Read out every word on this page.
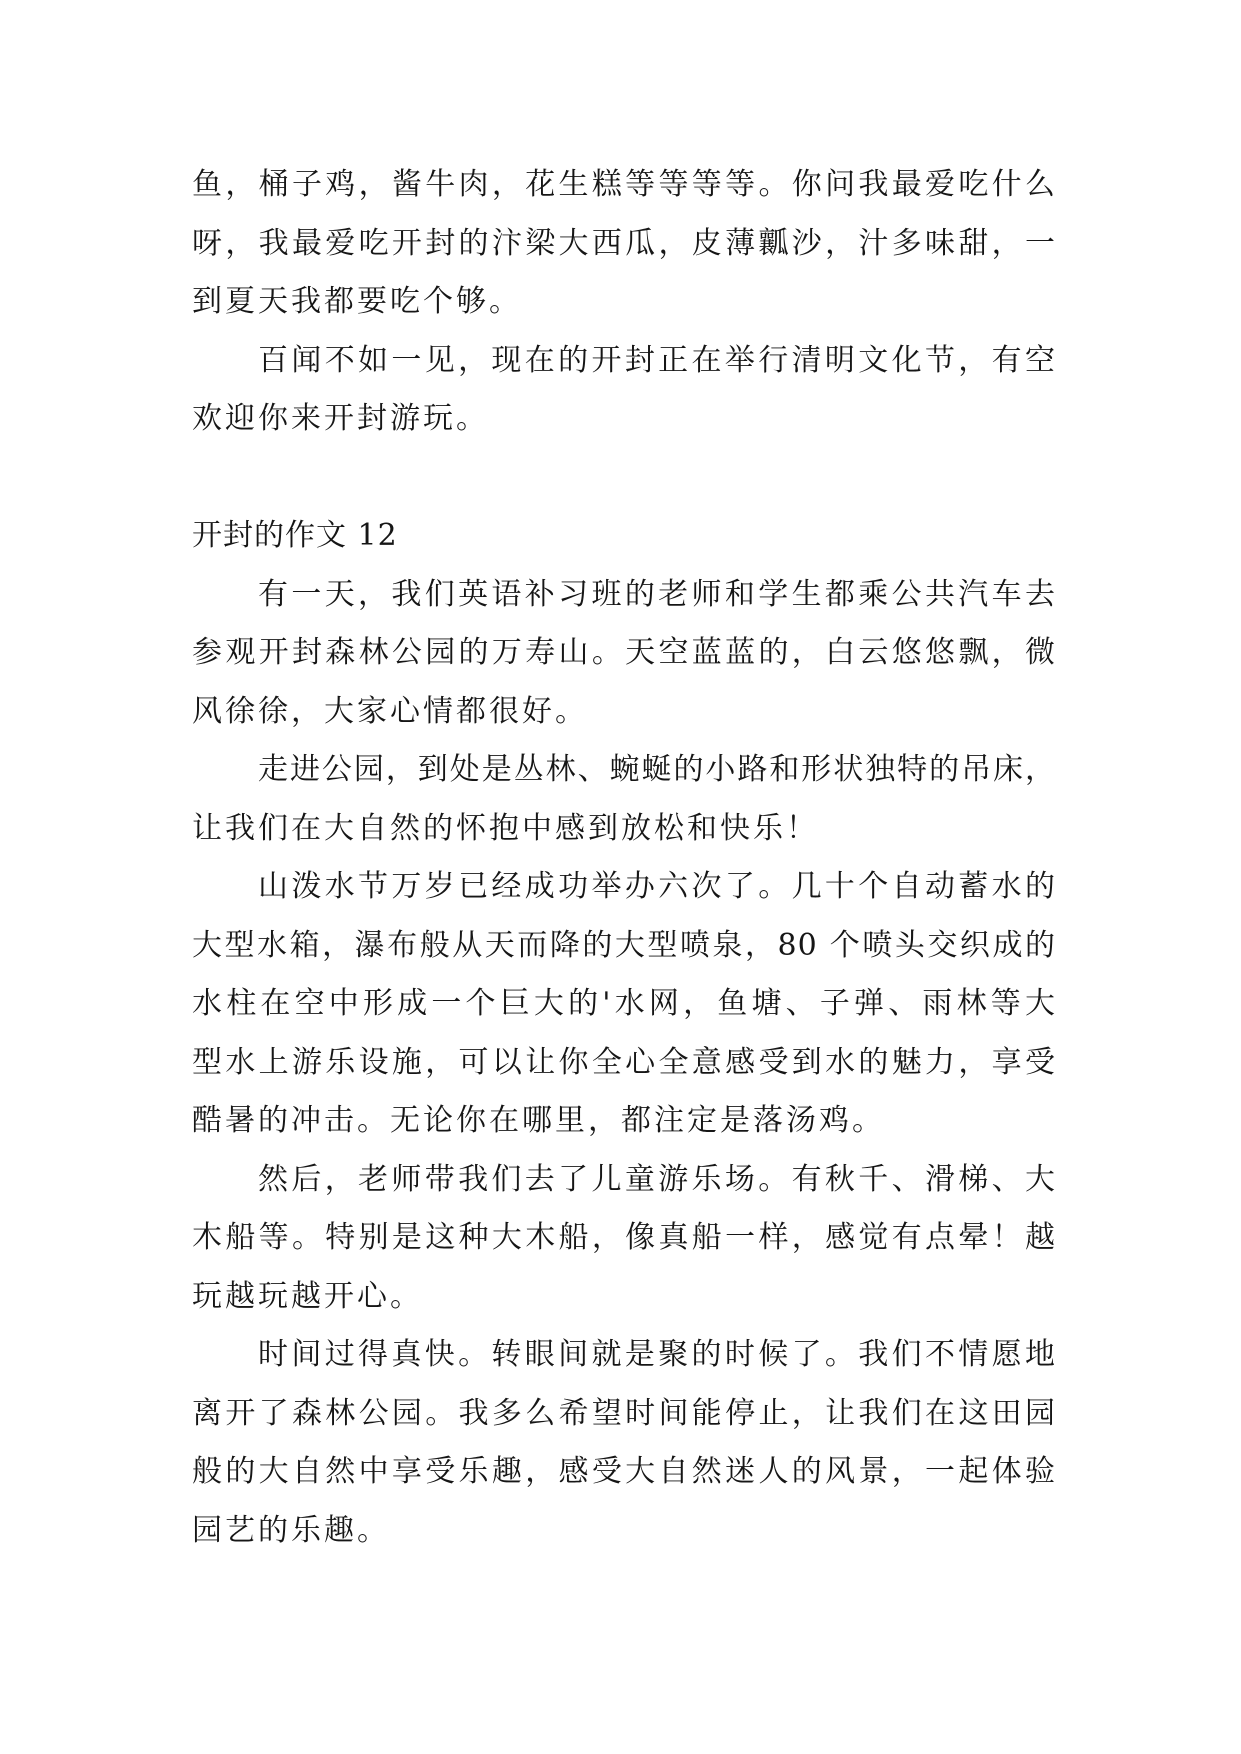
鱼，桶子鸡，酱牛肉，花生糕等等等等。你问我最爱吃什么
呀，我最爱吃开封的汴梁大西瓜，皮薄瓤沙，汁多味甜，一
到夏天我都要吃个够。
百闻不如一见，现在的开封正在举行清明文化节，有空
欢迎你来开封游玩。
开封的作文 12
有一天，我们英语补习班的老师和学生都乘公共汽车去
参观开封森林公园的万寿山。天空蓝蓝的，白云悠悠飘，微
风徐徐，大家心情都很好。
走进公园，到处是丛林、蜿蜒的小路和形状独特的吊床，
让我们在大自然的怀抱中感到放松和快乐！
山泼水节万岁已经成功举办六次了。几十个自动蓄水的
大型水箱，瀑布般从天而降的大型喷泉，80 个喷头交织成的
水柱在空中形成一个巨大的'水网，鱼塘、子弹、雨林等大
型水上游乐设施，可以让你全心全意感受到水的魅力，享受
酷暑的冲击。无论你在哪里，都注定是落汤鸡。
然后，老师带我们去了儿童游乐场。有秋千、滑梯、大
木船等。特别是这种大木船，像真船一样，感觉有点晕！越
玩越玩越开心。
时间过得真快。转眼间就是聚的时候了。我们不情愿地
离开了森林公园。我多么希望时间能停止，让我们在这田园
般的大自然中享受乐趣，感受大自然迷人的风景，一起体验
园艺的乐趣。
